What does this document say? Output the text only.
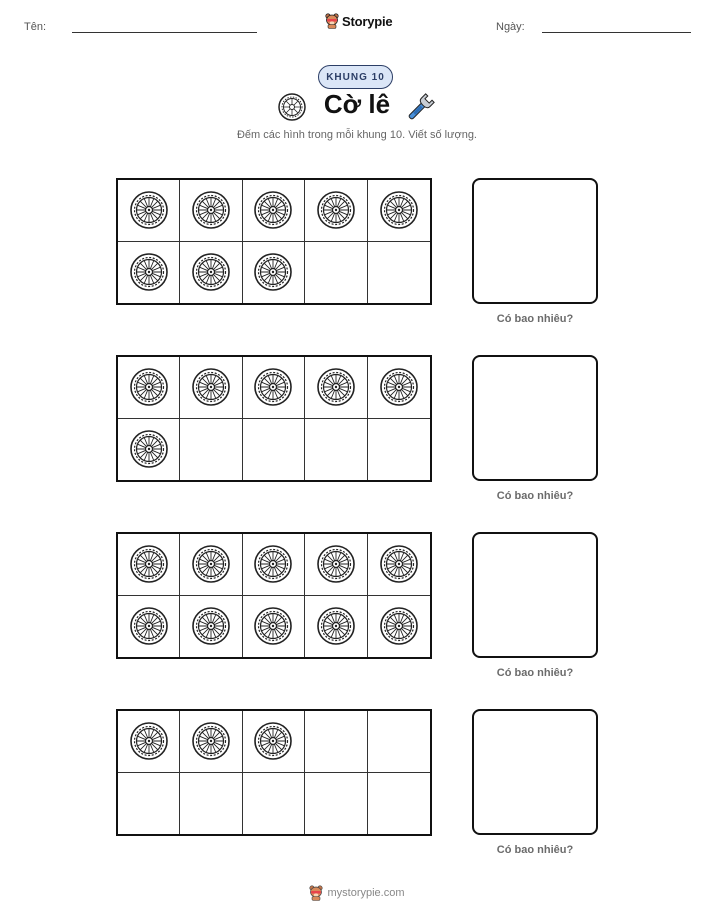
Tên:	Storypie	Ngày:
KHUNG 10
Cờ lê
Đếm các hình trong mỗi khung 10. Viết số lượng.
Có bao nhiêu?
Có bao nhiêu?
Có bao nhiêu?
Có bao nhiêu?
mystorypie.com
